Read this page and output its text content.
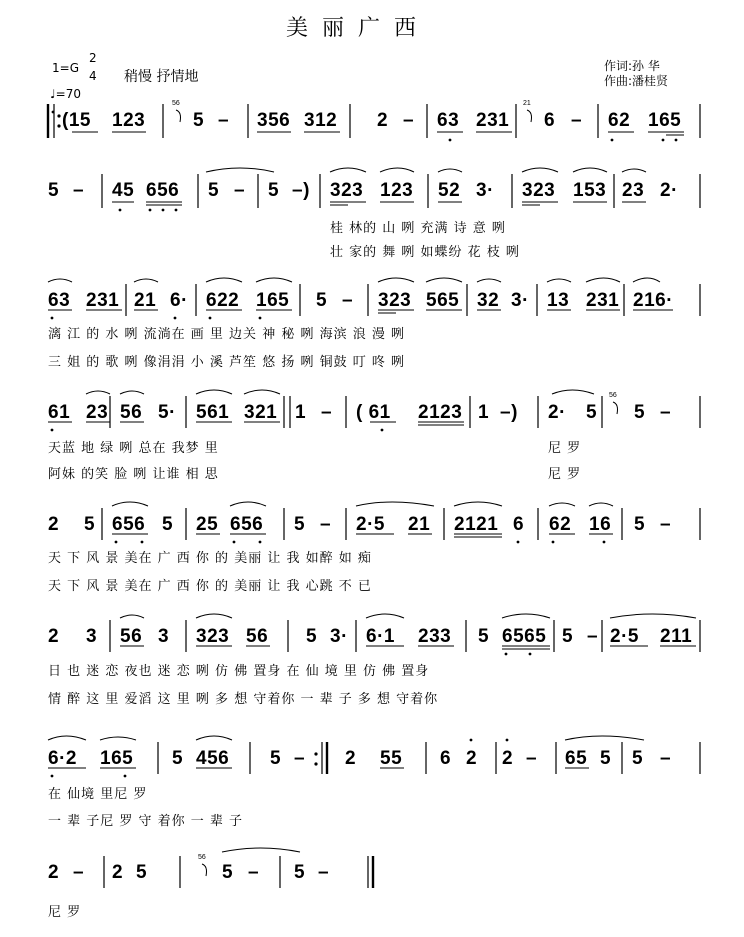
美丽广西
1=G
2
4
♩=70
稍慢 抒情地
作词:孙 华
作曲:潘桂贤
(15 123	5 – 356 312 2 – 63 231 6 – 62 165
5 – 45 656 5 – 5 –) 323 123 52 3· 323 153 23 2·
桂 林的 山 咧 充满 诗 意 咧
壮 家的 舞 咧 如蝶纷 花 枝 咧
63 231 21 6· 622 165 5 – 323 565 32 3· 13 231 216·
漓 江 的 水 咧 流淌在 画 里 边关 神 秘 咧 海滨 浪 漫 咧
三 姐 的 歌 咧 像涓涓 小 溪 芦笙 悠 扬 咧 铜鼓 叮 咚 咧
61 23 56 5· 561 321 1 – ( 61 2123 1 –) 2· 5 5 –
天蓝 地 绿 咧 总在 我梦 里
阿妹 的笑 脸 咧 让谁 相 思
2 5 656 5 25 656 5 – 2·5 21 2121 6 62 16 5 –
天 下 风 景 美在 广 西 你 的 美丽 让 我 如醉 如 痴
天 下 风 景 美在 广 西 你 的 美丽 让 我 心跳 不 已
2 3 56 3 323 56 5 3· 6·1 233 5 6565 5 – 2·5 211
日 也 迷 恋 夜也 迷 恋 咧 仿 佛 置身 在 仙 境 里 仿 佛 置身
情 醉 这 里 爱滔 这 里 咧 多 想 守着你 一 辈 子 多 想 守着你
6·2 165 5 456 5 – 2 55 6 2 2 – 65 5 5 –
在 仙境 里尼 罗
一 辈 子尼 罗 守 着你 一 辈 子
2 – 2 5	5 – 5 –
尼 罗
尼 罗
尼 罗
56	21
56
56
